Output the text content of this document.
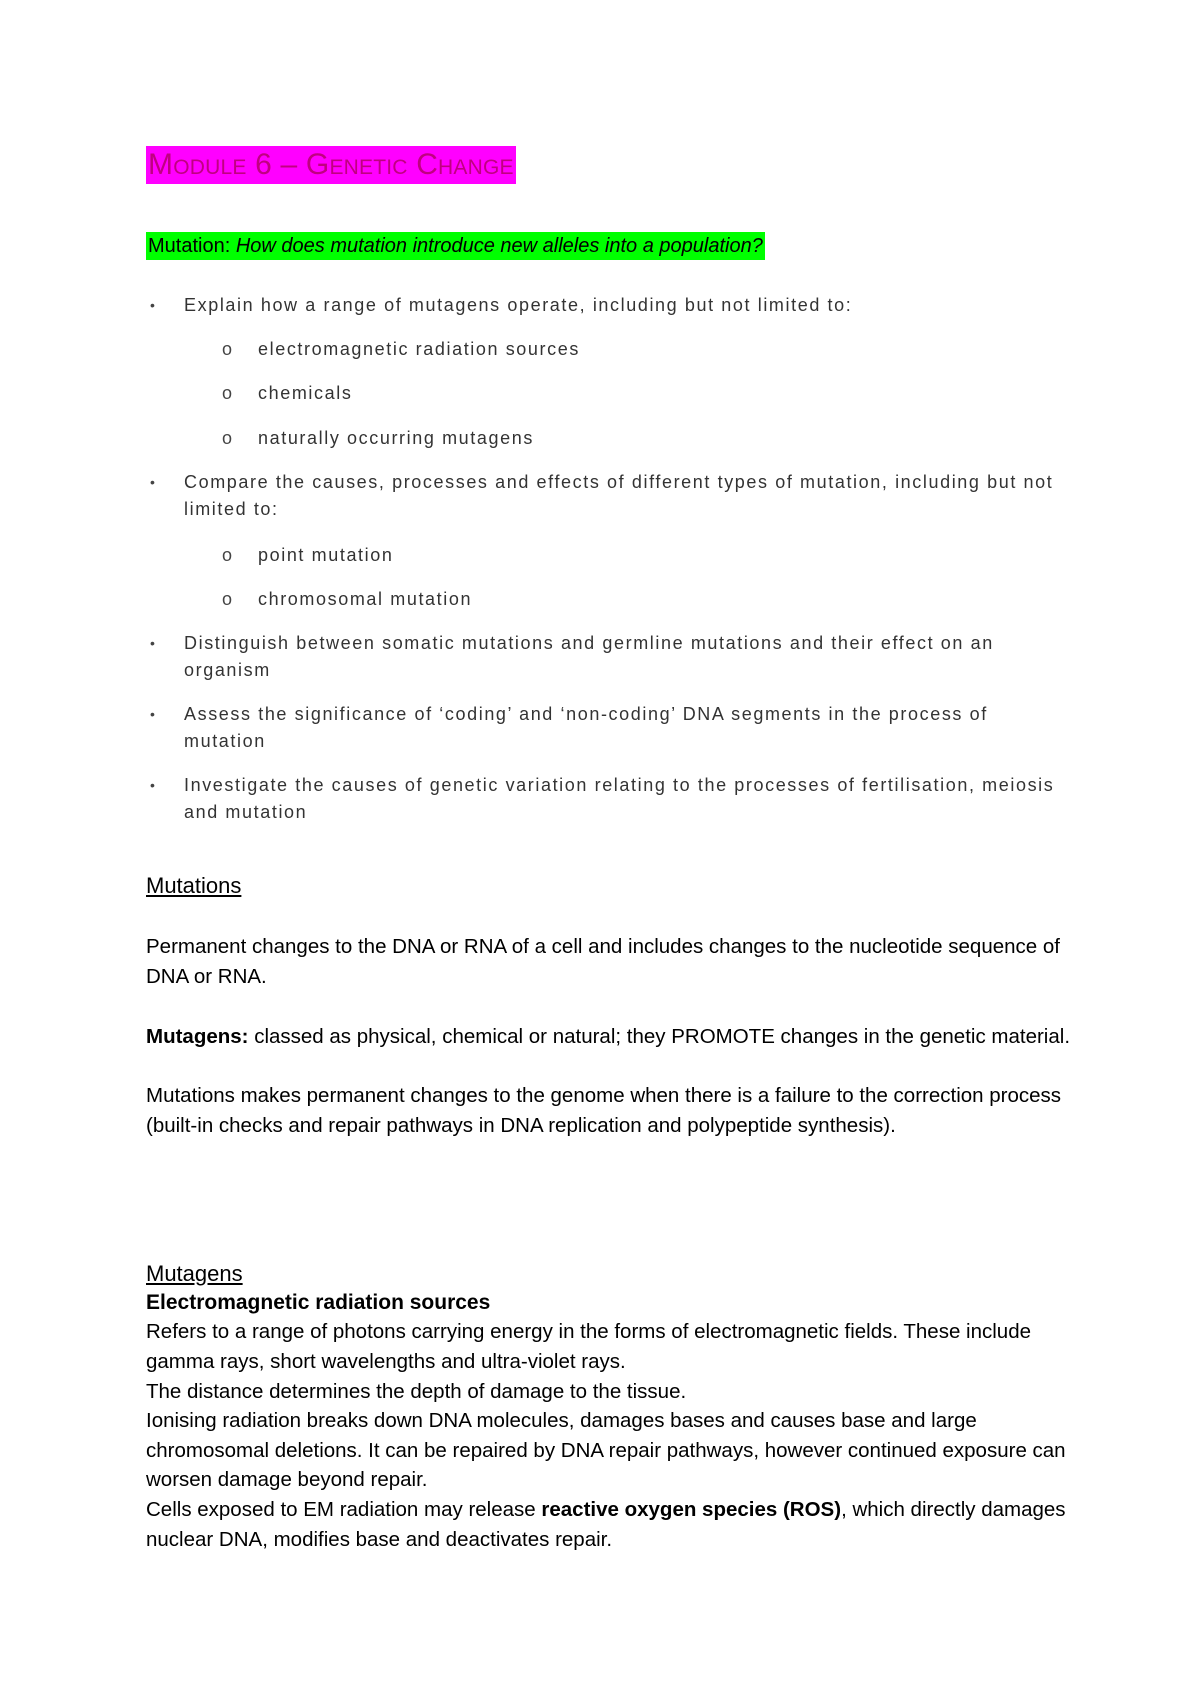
Module 6 – Genetic Change
Mutation: How does mutation introduce new alleles into a population?
• Explain how a range of mutagens operate, including but not limited to:
o electromagnetic radiation sources
o chemicals
o naturally occurring mutagens
• Compare the causes, processes and effects of different types of mutation, including but not limited to:
o point mutation
o chromosomal mutation
• Distinguish between somatic mutations and germline mutations and their effect on an organism
• Assess the significance of ‘coding’ and ‘non-coding’ DNA segments in the process of mutation
• Investigate the causes of genetic variation relating to the processes of fertilisation, meiosis and mutation
Mutations
Permanent changes to the DNA or RNA of a cell and includes changes to the nucleotide sequence of DNA or RNA.
Mutagens: classed as physical, chemical or natural; they PROMOTE changes in the genetic material.
Mutations makes permanent changes to the genome when there is a failure to the correction process (built-in checks and repair pathways in DNA replication and polypeptide synthesis).
Mutagens
Electromagnetic radiation sources
Refers to a range of photons carrying energy in the forms of electromagnetic fields. These include gamma rays, short wavelengths and ultra-violet rays.
The distance determines the depth of damage to the tissue.
Ionising radiation breaks down DNA molecules, damages bases and causes base and large chromosomal deletions. It can be repaired by DNA repair pathways, however continued exposure can worsen damage beyond repair.
Cells exposed to EM radiation may release reactive oxygen species (ROS), which directly damages nuclear DNA, modifies base and deactivates repair.
